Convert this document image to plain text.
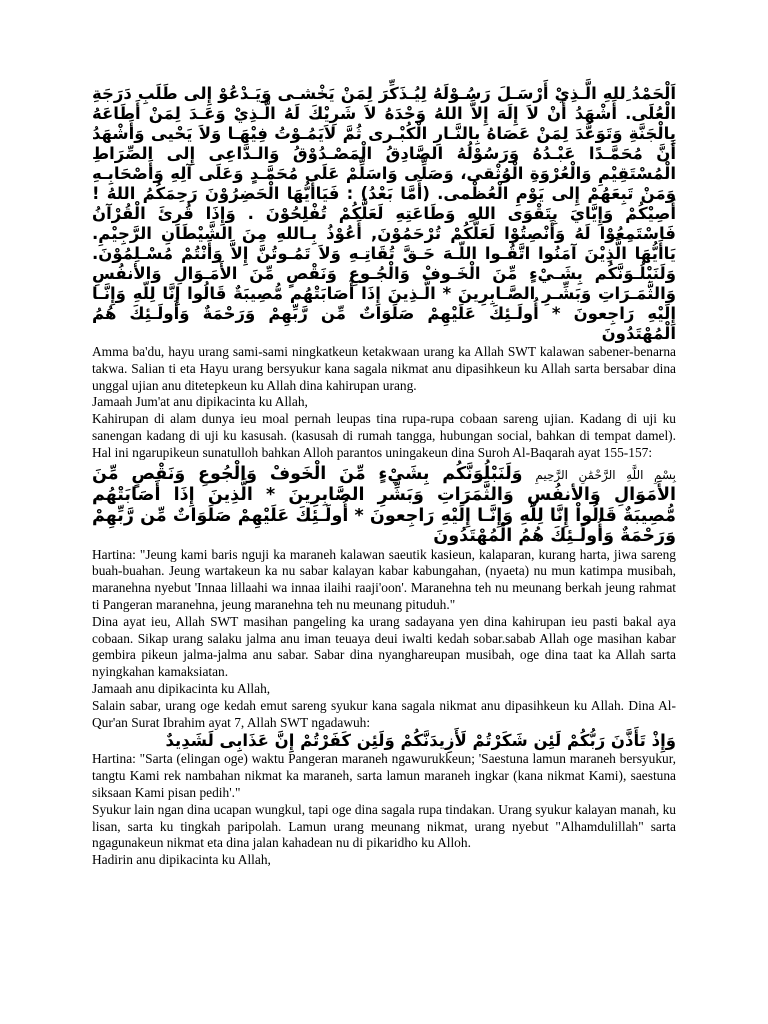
اَلْحَمْدُ ِللهِ الَّـذِيْ أَرْسَـلَ رَسُـوْلَهُ لِيُـذَكِّرَ لِمَنْ يَخْشـى وَيَـدْعُوْ إِلى طَلَبِ دَرَجَةِ الْعُلَى. أَشْهَدُ أَنْ لاَ إِلَهَ إِلاَّ اللهُ وَحْدَهُ لاَ شَرِيْكَ لَهُ الَّـذِيْ وَعَـدَ لِمَنْ أَطَاعَهُ بِالْجَنَّةِ وَتَوَعَّدَ لِمَنْ عَصَاهُ بِالنَّـارِ الْكُبْـرى ثُمَّ لاَيَمُـوْتُ فِيْهَـا وَلاَ يَحْيى وَأَشْهَدُ أَنَّ مُحَمَّـدًا عَبْـدُهُ وَرَسُوْلُهُ الصَّادِقُ الْمَصْـدُوْقُ وَالـدَّاعِى إِلى الصِّرَاطِ الْمُسْتَقِيْمِ وَالْعُرْوَةِ الْوُثْقى، وَصَلِّى وَاسَلِّمْ عَلَى مُحَمَّـدٍ وَعَلَى آلِهِ وَأَصْحَابِـهِ وَمَنْ تَبِعَهُمْ إِلى يَوْمِ الْعُظْمى. (أَمَّا بَعْدُ) : فَيَاأَيُّهَا الْحَضِرُوْنَ رَحِمَكُمُ اللهُ ! أُصِيْكُمْ وَإِيَّايَ بِتَقْوَى اللهِ وَطَاعَتِهِ لَعَلَّكُمْ تُفْلِحُوْنَ . وَإِذَا قُرِئَ الْقُرْآنُ فَاسْتَمِعُوْا لَهُ وَأَنْصِتُوْا لَعَلَّكُمْ تُرْحَمُوْنَ, أَعُوْذُ بِـاللهِ مِنَ الشَّيْطَانِ الرَّجِيْمِ. يَاأَيُّهَا الَّذِيْنَ آمَنُوا اتَّقُـوا اللّـهَ حَـقَّ تُقَاتِـهِ وَلاَ تَمُـوتُنَّ إِلاَّ وَأَنْتُمْ مُسْـلِمُوْنَ. وَلَنَبْلُـوَنَّكُم بِشَـيْءٍ مِّنَ الْخَـوفْ وَالْجُـوعِ وَنَقْصٍ مِّنَ الأَمَـوَالِ وَالأنفُسِ وَالثَّمَـرَاتِ وَبَشِّـرِ الصَّـابِرِينَ * الَّـذِينَ إِذَا أَصَابَتْهُم مُّصِيبَةٌ قَالُوا إِنَّا لِلّهِ وَإِنَّـا إِلَيْهِ رَاجِعونَ * أُولَـئِكَ عَلَيْهِمْ صَلَوَاتٌ مِّن رَّبِّهِمْ وَرَحْمَةٌ وَأُولَـئِكَ هُمُ الْمُهْتَدُونَ

Amma ba'du, hayu urang sami-sami ningkatkeun ketakwaan urang ka Allah SWT kalawan sabener-benarna takwa. Salian ti eta Hayu urang bersyukur kana sagala nikmat anu dipasihkeun ku Allah sarta bersabar dina unggal ujian anu ditetepkeun ku Allah dina kahirupan urang.

Jamaah Jum'at anu dipikacinta ku Allah,

Kahirupan di alam dunya ieu moal pernah leupas tina rupa-rupa cobaan sareng ujian. Kadang di uji ku sanengan kadang di uji ku kasusah. (kasusah di rumah tangga, hubungan social, bahkan di tempat damel). Hal ini ngarupikeun sunatulloh bahkan Alloh parantos uningakeun dina Suroh Al-Baqarah ayat 155-157:

بِسْمِ اللَّهِ الرَّحْمَٰنِ الرَّحِيمِ وَلَنَبْلُوَنَّكُم بِشَيْءٍ مِّنَ الْخَوفْ وَالْجُوعِ وَنَقْصٍ مِّنَ الأَمَوَالِ وَالأنفُسِ وَالثَّمَرَاتِ وَبَشِّرِ الصَّابِرِينَ * الَّذِينَ إِذَا أَصَابَتْهُم مُّصِيبَةٌ قَالُواْ إِنَّا لِلّهِ وَإِنَّـا إِلَيْهِ رَاجِعونَ * أُولَـئِكَ عَلَيْهِمْ صَلَوَاتٌ مِّن رَّبِّهِمْ وَرَحْمَةٌ وَأُولَـئِكَ هُمُ الْمُهْتَدُونَ

Hartina: "Jeung kami baris nguji ka maraneh kalawan saeutik kasieun, kalaparan, kurang harta, jiwa sareng buah-buahan. Jeung wartakeun ka nu sabar kalayan kabar kabungahan, (nyaeta) nu mun katimpa musibah, maranehna nyebut 'Innaa lillaahi wa innaa ilaihi raaji'oon'. Maranehna teh nu meunang berkah jeung rahmat ti Pangeran maranehna, jeung maranehna teh nu meunang pituduh."

Dina ayat ieu, Allah SWT masihan pangeling ka urang sadayana yen dina kahirupan ieu pasti bakal aya cobaan. Sikap urang salaku jalma anu iman teuaya deui iwalti kedah sobar.sabab Allah oge masihan kabar gembira pikeun jalma-jalma anu sabar. Sabar dina nyanghareupan musibah, oge dina taat ka Allah sarta nyingkahan kamaksiatan.

Jamaah anu dipikacinta ku Allah,

Salain sabar, urang oge kedah emut sareng syukur kana sagala nikmat anu dipasihkeun ku Allah. Dina Al-Qur'an Surat Ibrahim ayat 7, Allah SWT ngadawuh:

وَإِذْ تَأَذَّنَ رَبُّكُمْ لَئِن شَكَرْتُمْ لَأَزِيدَنَّكُمْ وَلَئِن كَفَرْتُمْ إِنَّ عَذَابِى لَشَدِيدٌ

Hartina: "Sarta (elingan oge) waktu Pangeran maraneh ngawurukkeun; 'Saestuna lamun maraneh bersyukur, tangtu Kami rek nambahan nikmat ka maraneh, sarta lamun maraneh ingkar (kana nikmat Kami), saestuna siksaan Kami pisan pedih'."

Syukur lain ngan dina ucapan wungkul, tapi oge dina sagala rupa tindakan. Urang syukur kalayan manah, ku lisan, sarta ku tingkah paripolah. Lamun urang meunang nikmat, urang nyebut "Alhamdulillah" sarta ngagunakeun nikmat eta dina jalan kahadean nu di pikaridho ku Alloh.

Hadirin anu dipikacinta ku Allah,
